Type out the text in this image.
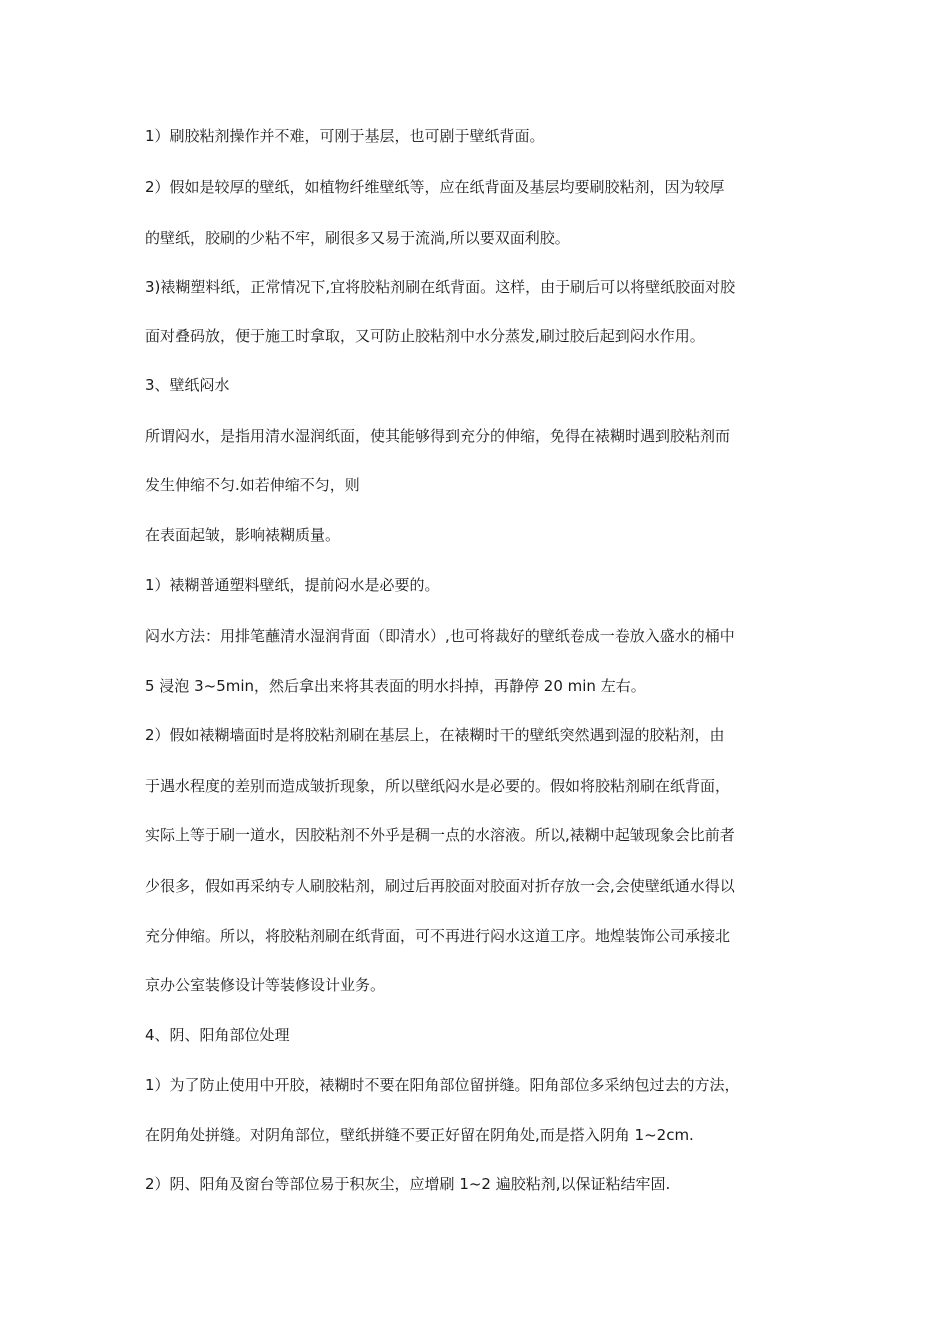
1）刷胶粘剂操作并不难，可刚于基层，也可剧于壁纸背面。
2）假如是较厚的壁纸，如植物纤维壁纸等，应在纸背面及基层均要刷胶粘剂，因为较厚
的壁纸，胶刷的少粘不牢，刷很多又易于流淌,所以要双面利胶。
3)裱糊塑料纸，正常情况下,宜将胶粘剂刷在纸背面。这样，由于刷后可以将壁纸胶面对胶
面对叠码放，便于施工时拿取，又可防止胶粘剂中水分蒸发,刷过胶后起到闷水作用。
3、壁纸闷水
所谓闷水，是指用清水湿润纸面，使其能够得到充分的伸缩，免得在裱糊时遇到胶粘剂而
发生伸缩不匀.如若伸缩不匀，则
在表面起皱，影响裱糊质量。
1）裱糊普通塑料壁纸，提前闷水是必要的。
闷水方法：用排笔蘸清水湿润背面（即清水）,也可将裁好的壁纸卷成一卷放入盛水的桶中
5 浸泡 3~5min，然后拿出来将其表面的明水抖掉，再静停 20 min 左右。
2）假如裱糊墙面时是将胶粘剂刷在基层上，在裱糊时干的壁纸突然遇到湿的胶粘剂，由
于遇水程度的差别而造成皱折现象，所以壁纸闷水是必要的。假如将胶粘剂刷在纸背面，
实际上等于刷一道水，因胶粘剂不外乎是稠一点的水溶液。所以,裱糊中起皱现象会比前者
少很多，假如再采纳专人刷胶粘剂，刷过后再胶面对胶面对折存放一会,会使壁纸通水得以
充分伸缩。所以，将胶粘剂刷在纸背面，可不再进行闷水这道工序。地煌装饰公司承接北
京办公室装修设计等装修设计业务。
4、阴、阳角部位处理
1）为了防止使用中开胶，裱糊时不要在阳角部位留拼缝。阳角部位多采纳包过去的方法，
在阴角处拼缝。对阴角部位，壁纸拼缝不要正好留在阴角处,而是搭入阴角 1~2cm.
2）阴、阳角及窗台等部位易于积灰尘，应增刷 1~2 遍胶粘剂,以保证粘结牢固.
